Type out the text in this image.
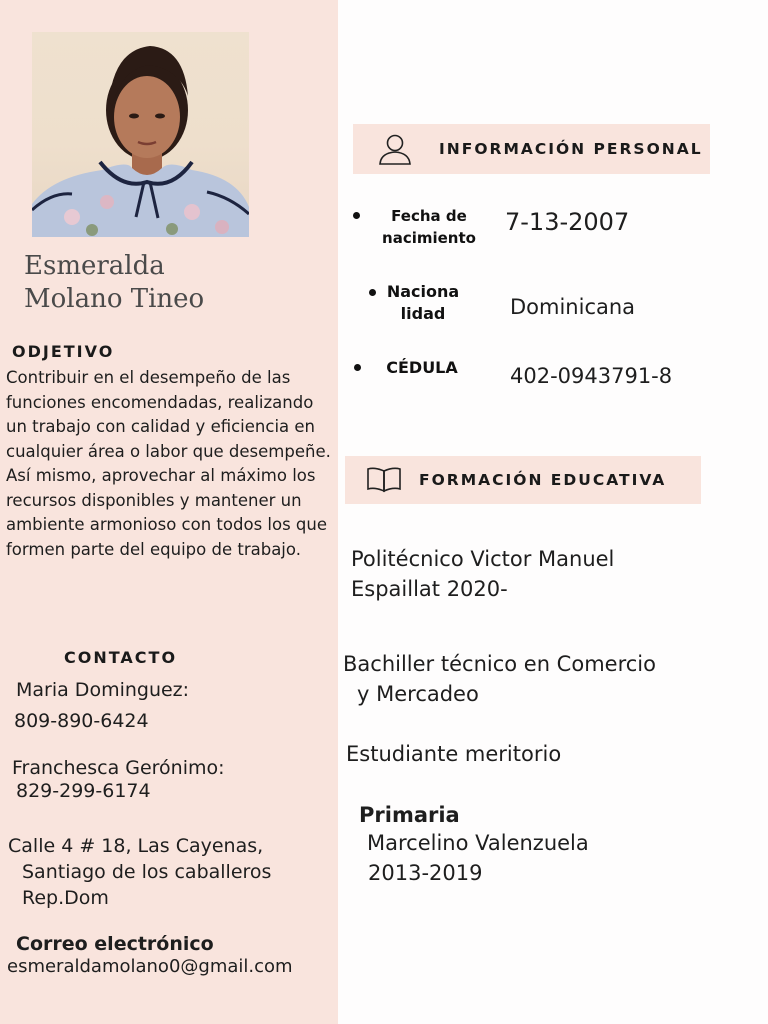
Esmeralda
Molano Tineo
ODJETIVO
Contribuir en el desempeño de las funciones encomendadas, realizando un trabajo con calidad y eficiencia en cualquier área o labor que desempeñe. Así mismo, aprovechar al máximo los recursos disponibles y mantener un ambiente armonioso con todos los que formen parte del equipo de trabajo.
CONTACTO
Maria Dominguez:
809-890-6424
Franchesca Gerónimo:
829-299-6174
Calle 4 # 18, Las Cayenas,
Santiago de los caballeros
Rep.Dom
Correo electrónico
esmeraldamolano0@gmail.com
INFORMACIÓN PERSONAL
Fecha de
nacimiento
7-13-2007
Naciona
lidad	Dominicana
CÉDULA 402-0943791-8
FORMACIÓN EDUCATIVA
Politécnico Victor Manuel
Espaillat 2020-
Bachiller técnico en Comercio
y Mercadeo
Estudiante meritorio
Primaria
Marcelino Valenzuela
2013-2019
